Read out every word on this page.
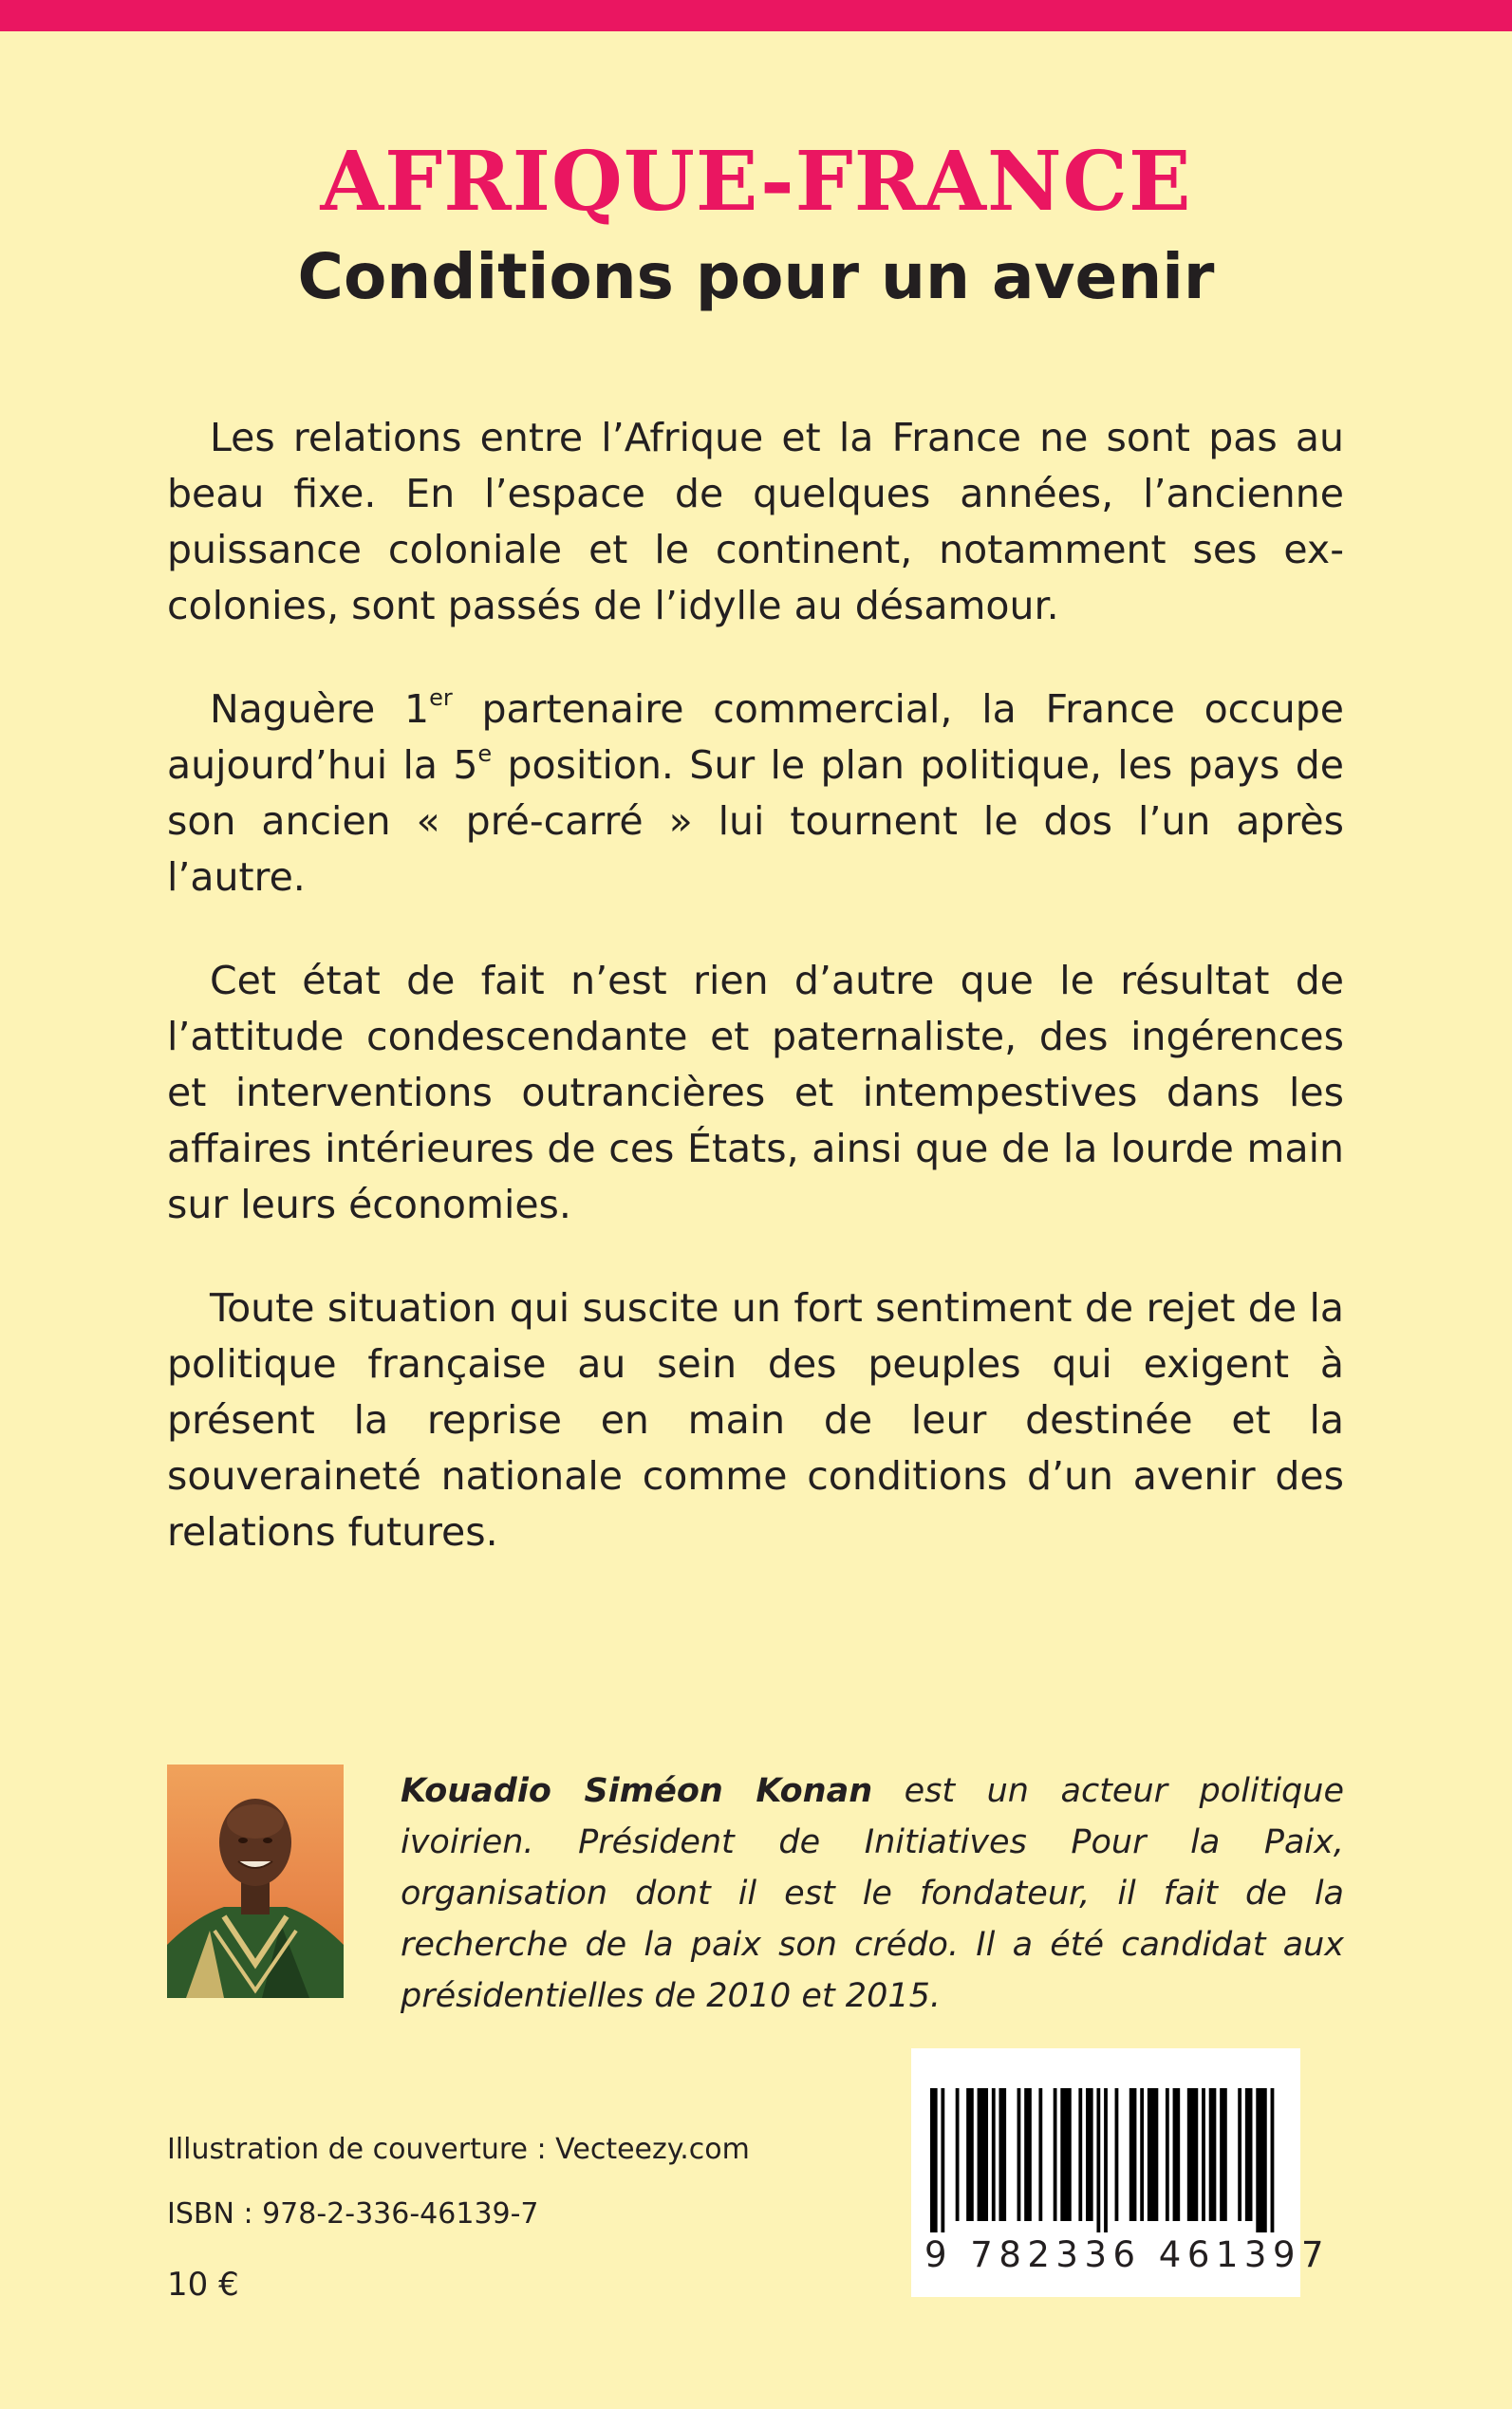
AFRIQUE-FRANCE
Conditions pour un avenir

Les relations entre l’Afrique et la France ne sont pas au beau fixe. En l’espace de quelques années, l’ancienne puissance coloniale et le continent, notamment ses ex-colonies, sont passés de l’idylle au désamour.

Naguère 1er partenaire commercial, la France occupe aujourd’hui la 5e position. Sur le plan politique, les pays de son ancien « pré-carré » lui tournent le dos l’un après l’autre.

Cet état de fait n’est rien d’autre que le résultat de l’attitude condescendante et paternaliste, des ingérences et interventions outrancières et intempestives dans les affaires intérieures de ces États, ainsi que de la lourde main sur leurs économies.

Toute situation qui suscite un fort sentiment de rejet de la politique française au sein des peuples qui exigent à présent la reprise en main de leur destinée et la souveraineté nationale comme conditions d’un avenir des relations futures.

Kouadio Siméon Konan est un acteur politique ivoirien. Président de Initiatives Pour la Paix, organisation dont il est le fondateur, il fait de la recherche de la paix son crédo. Il a été candidat aux présidentielles de 2010 et 2015.

Illustration de couverture : Vecteezy.com
ISBN : 978-2-336-46139-7
10 €
9 782336 461397
